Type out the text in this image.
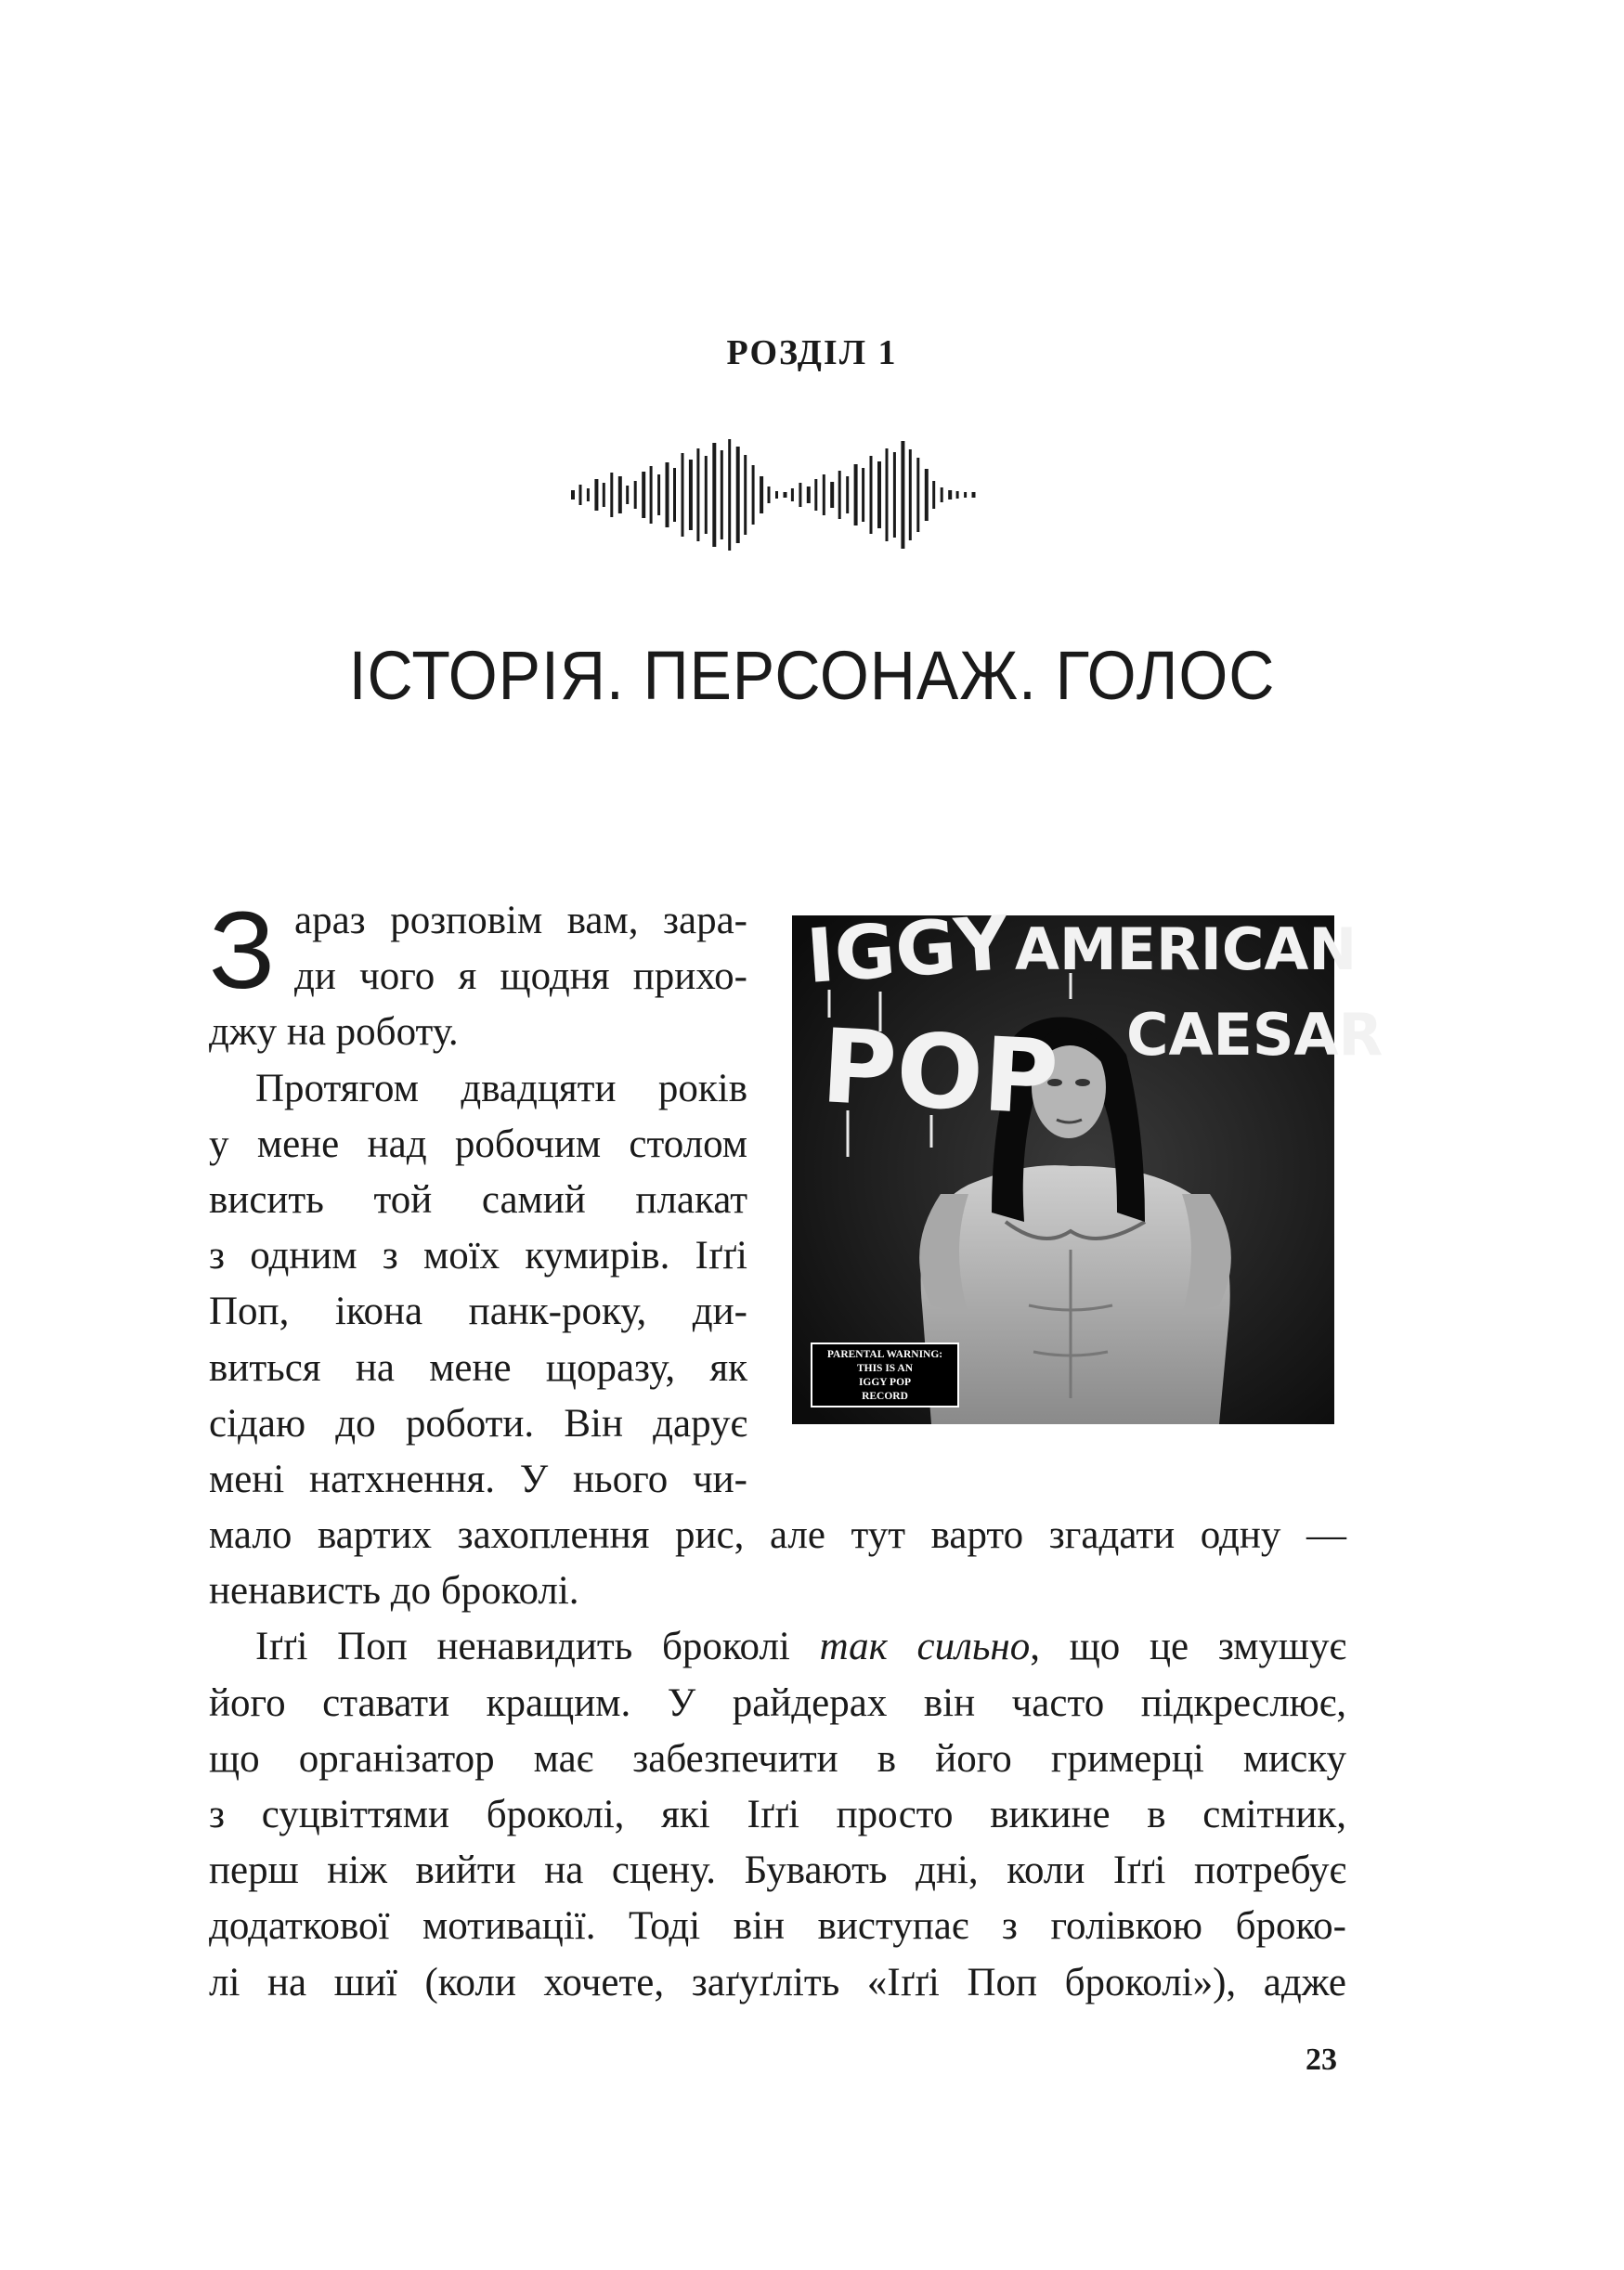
РОЗДІЛ 1
ІСТОРІЯ. ПЕРСОНАЖ. ГОЛОС
IGGY
POP
AMERICAN
CAESAR
PARENTAL WARNING:
THIS IS AN
IGGY POP
RECORD
З араз розповім вам, зара-
ди чого я щодня прихо-
джу на роботу.
Протягом двадцяти років
у мене над робочим столом
висить той самий плакат
з одним з моїх кумирів. Іґґі
Поп, ікона панк-року, ди-
виться на мене щоразу, як
сідаю до роботи. Він дарує
мені натхнення. У нього чи-
мало вартих захоплення рис, але тут варто згадати одну —
ненависть до броколі.
Іґґі Поп ненавидить броколі так сильно, що це змушує
його ставати кращим. У райдерах він часто підкреслює,
що організатор має забезпечити в його гримерці миску
з суцвіттями броколі, які Іґґі просто викине в смітник,
перш ніж вийти на сцену. Бувають дні, коли Іґґі потребує
додаткової мотивації. Тоді він виступає з голівкою броко-
лі на шиї (коли хочете, заґуґліть «Іґґі Поп броколі»), адже
23
